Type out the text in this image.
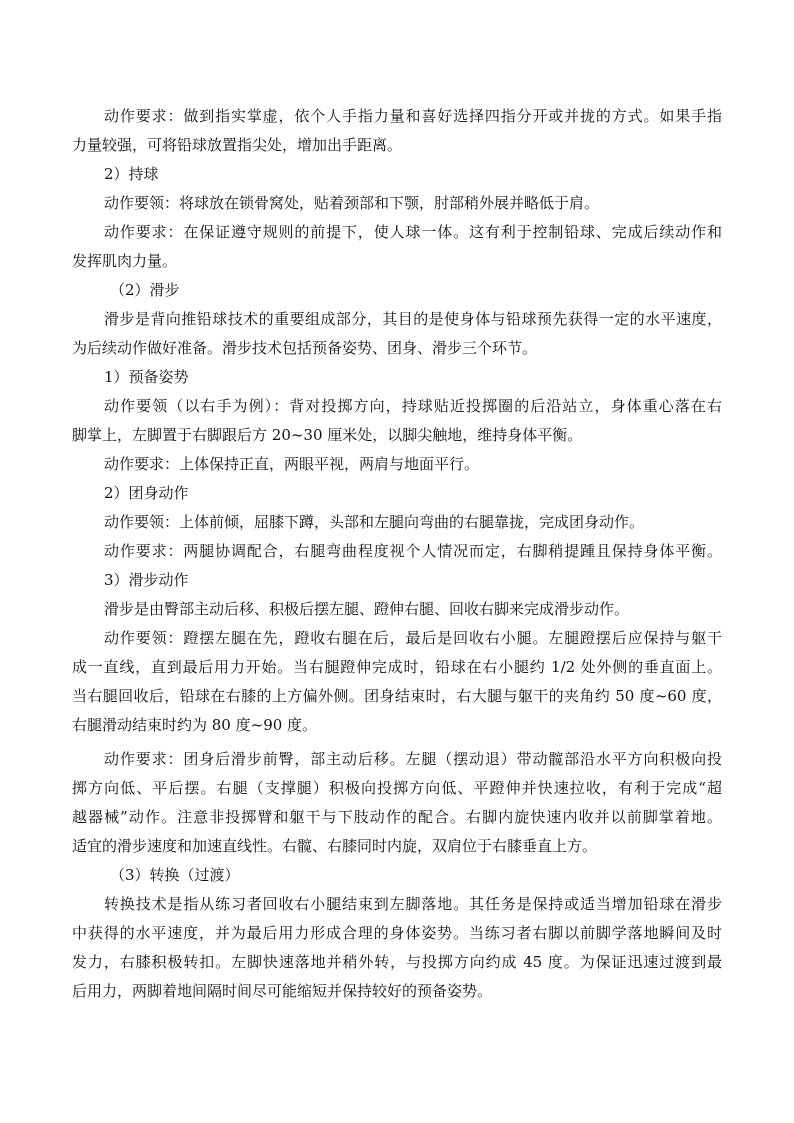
动作要求：做到指实掌虚，依个人手指力量和喜好选择四指分开或并拢的方式。如果手指
力量较强，可将铅球放置指尖处，增加出手距离。
2）持球
动作要领：将球放在锁骨窝处，贴着颈部和下颚，肘部稍外展并略低于肩。
动作要求：在保证遵守规则的前提下，使人球一体。这有利于控制铅球、完成后续动作和
发挥肌肉力量。
（2）滑步
滑步是背向推铅球技术的重要组成部分，其目的是使身体与铅球预先获得一定的水平速度，
为后续动作做好准备。滑步技术包括预备姿势、团身、滑步三个环节。
1）预备姿势
动作要领（以右手为例）：背对投掷方向，持球贴近投掷圈的后沿站立，身体重心落在右
脚掌上，左脚置于右脚跟后方 20~30 厘米处，以脚尖触地，维持身体平衡。
动作要求：上体保持正直，两眼平视，两肩与地面平行。
2）团身动作
动作要领：上体前倾，屈膝下蹲，头部和左腿向弯曲的右腿靠拢，完成团身动作。
动作要求：两腿协调配合，右腿弯曲程度视个人情况而定，右脚稍提踵且保持身体平衡。
3）滑步动作
滑步是由臀部主动后移、积极后摆左腿、蹬伸右腿、回收右脚来完成滑步动作。
动作要领：蹬摆左腿在先，蹬收右腿在后，最后是回收右小腿。左腿蹬摆后应保持与躯干
成一直线，直到最后用力开始。当右腿蹬伸完成时，铅球在右小腿约 1/2 处外侧的垂直面上。
当右腿回收后，铅球在右膝的上方偏外侧。团身结束时，右大腿与躯干的夹角约 50 度~60 度，
右腿滑动结束时约为 80 度~90 度。
动作要求：团身后滑步前臀，部主动后移。左腿（摆动退）带动髋部沿水平方向积极向投
掷方向低、平后摆。右腿（支撑腿）积极向投掷方向低、平蹬伸并快速拉收，有利于完成“超
越器械”动作。注意非投掷臂和躯干与下肢动作的配合。右脚内旋快速内收并以前脚掌着地。
适宜的滑步速度和加速直线性。右髋、右膝同时内旋，双肩位于右膝垂直上方。
（3）转换（过渡）
转换技术是指从练习者回收右小腿结束到左脚落地。其任务是保持或适当增加铅球在滑步
中获得的水平速度，并为最后用力形成合理的身体姿势。当练习者右脚以前脚学落地瞬间及时
发力，右膝积极转扣。左脚快速落地并稍外转，与投掷方向约成 45 度。为保证迅速过渡到最
后用力，两脚着地间隔时间尽可能缩短并保持较好的预备姿势。
